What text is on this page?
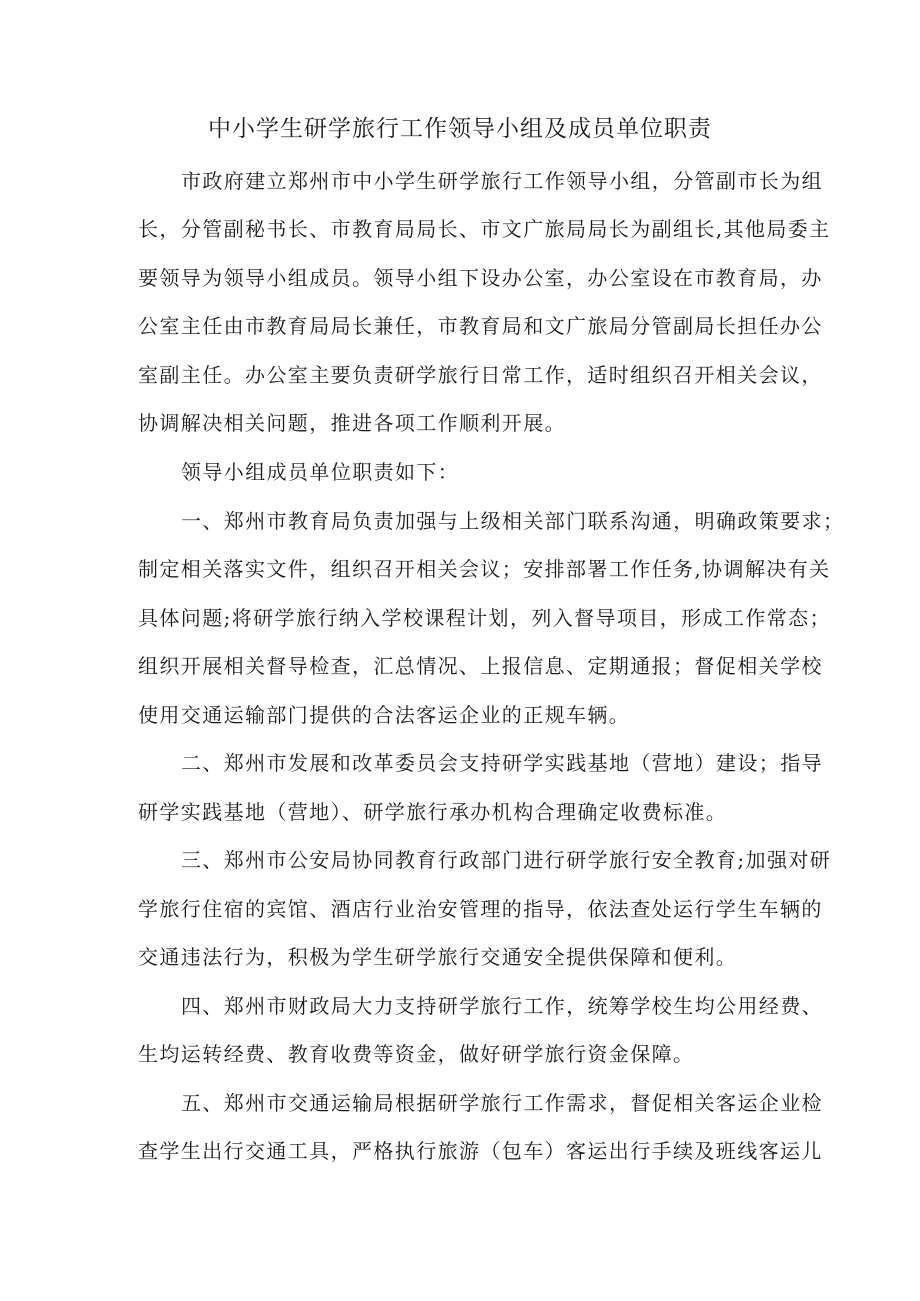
中小学生研学旅行工作领导小组及成员单位职责
市政府建立郑州市中小学生研学旅行工作领导小组，分管副市长为组
长，分管副秘书长、市教育局局长、市文广旅局局长为副组长,其他局委主
要领导为领导小组成员。领导小组下设办公室，办公室设在市教育局，办
公室主任由市教育局局长兼任，市教育局和文广旅局分管副局长担任办公
室副主任。办公室主要负责研学旅行日常工作，适时组织召开相关会议，
协调解决相关问题，推进各项工作顺利开展。
领导小组成员单位职责如下：
一、郑州市教育局负责加强与上级相关部门联系沟通，明确政策要求；
制定相关落实文件，组织召开相关会议；安排部署工作任务,协调解决有关
具体问题;将研学旅行纳入学校课程计划，列入督导项目，形成工作常态；
组织开展相关督导检查，汇总情况、上报信息、定期通报；督促相关学校
使用交通运输部门提供的合法客运企业的正规车辆。
二、郑州市发展和改革委员会支持研学实践基地（营地）建设；指导
研学实践基地（营地）、研学旅行承办机构合理确定收费标准。
三、郑州市公安局协同教育行政部门进行研学旅行安全教育;加强对研
学旅行住宿的宾馆、酒店行业治安管理的指导，依法查处运行学生车辆的
交通违法行为，积极为学生研学旅行交通安全提供保障和便利。
四、郑州市财政局大力支持研学旅行工作，统筹学校生均公用经费、
生均运转经费、教育收费等资金，做好研学旅行资金保障。
五、郑州市交通运输局根据研学旅行工作需求，督促相关客运企业检
查学生出行交通工具，严格执行旅游（包车）客运出行手续及班线客运儿
